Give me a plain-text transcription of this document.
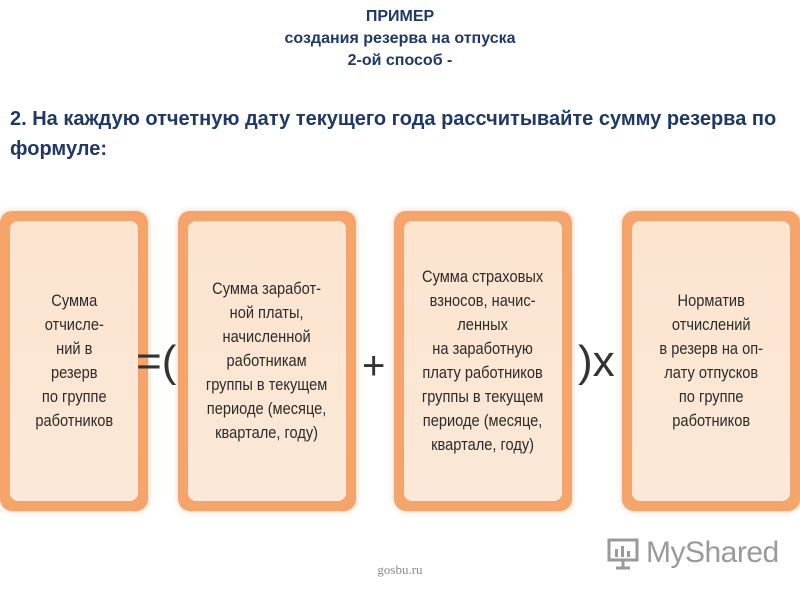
ПРИМЕР
создания резерва на отпуска
2-ой способ -
2. На каждую отчетную дату текущего года рассчитывайте сумму резерва по формуле:
Сумма
отчисле-
ний в
резерв
по группе
работников
=(
Сумма заработ-
ной платы,
начисленной
работникам
группы в текущем
периоде (месяце,
квартале, году)
+
Сумма страховых
взносов, начис-
ленных
на заработную
плату работников
группы в текущем
периоде (месяце,
квартале, году)
)х
Норматив
отчислений
в резерв на оп-
лату отпусков
по группе
работников
gosbu.ru
MyShared
